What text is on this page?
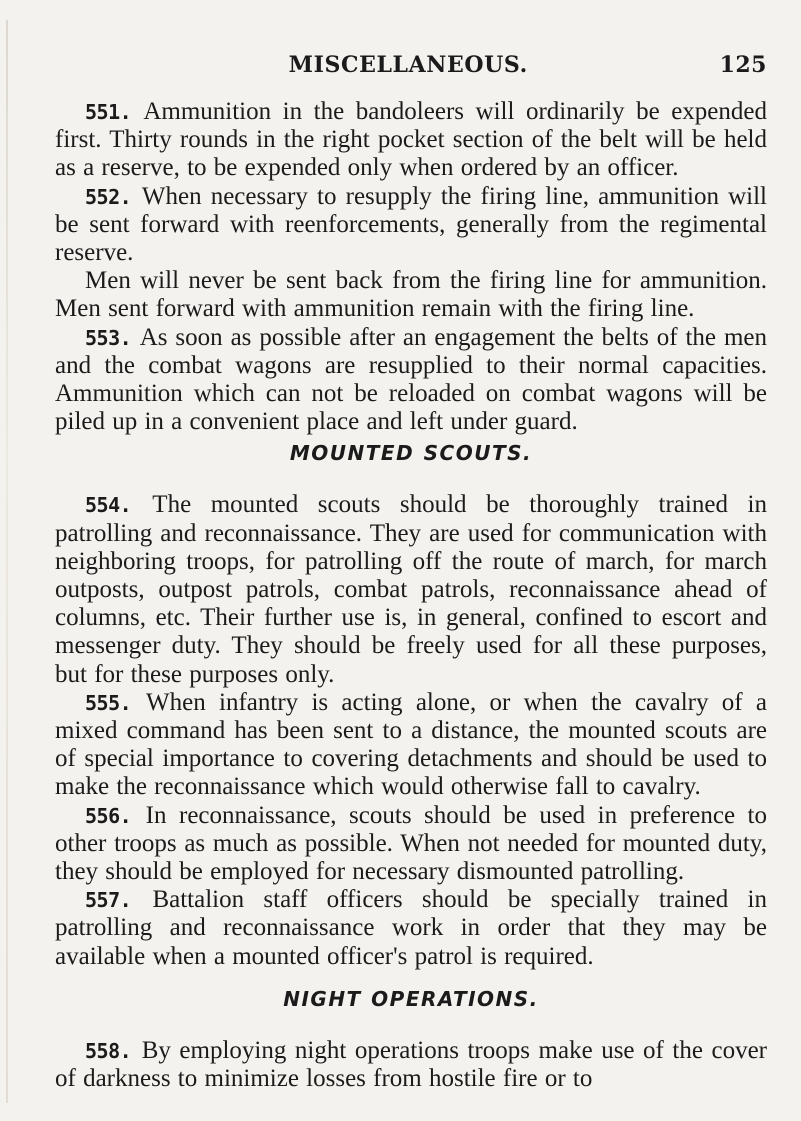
MISCELLANEOUS.	125

551. Ammunition in the bandoleers will ordinarily be expended first. Thirty rounds in the right pocket section of the belt will be held as a reserve, to be expended only when ordered by an officer.

552. When necessary to resupply the firing line, ammunition will be sent forward with reenforcements, generally from the regimental reserve.

Men will never be sent back from the firing line for ammunition. Men sent forward with ammunition remain with the firing line.

553. As soon as possible after an engagement the belts of the men and the combat wagons are resupplied to their normal capacities. Ammunition which can not be reloaded on combat wagons will be piled up in a convenient place and left under guard.

MOUNTED SCOUTS.

554. The mounted scouts should be thoroughly trained in patrolling and reconnaissance. They are used for communication with neighboring troops, for patrolling off the route of march, for march outposts, outpost patrols, combat patrols, reconnaissance ahead of columns, etc. Their further use is, in general, confined to escort and messenger duty. They should be freely used for all these purposes, but for these purposes only.

555. When infantry is acting alone, or when the cavalry of a mixed command has been sent to a distance, the mounted scouts are of special importance to covering detachments and should be used to make the reconnaissance which would otherwise fall to cavalry.

556. In reconnaissance, scouts should be used in preference to other troops as much as possible. When not needed for mounted duty, they should be employed for necessary dismounted patrolling.

557. Battalion staff officers should be specially trained in patrolling and reconnaissance work in order that they may be available when a mounted officer's patrol is required.

NIGHT OPERATIONS.

558. By employing night operations troops make use of the cover of darkness to minimize losses from hostile fire or to
